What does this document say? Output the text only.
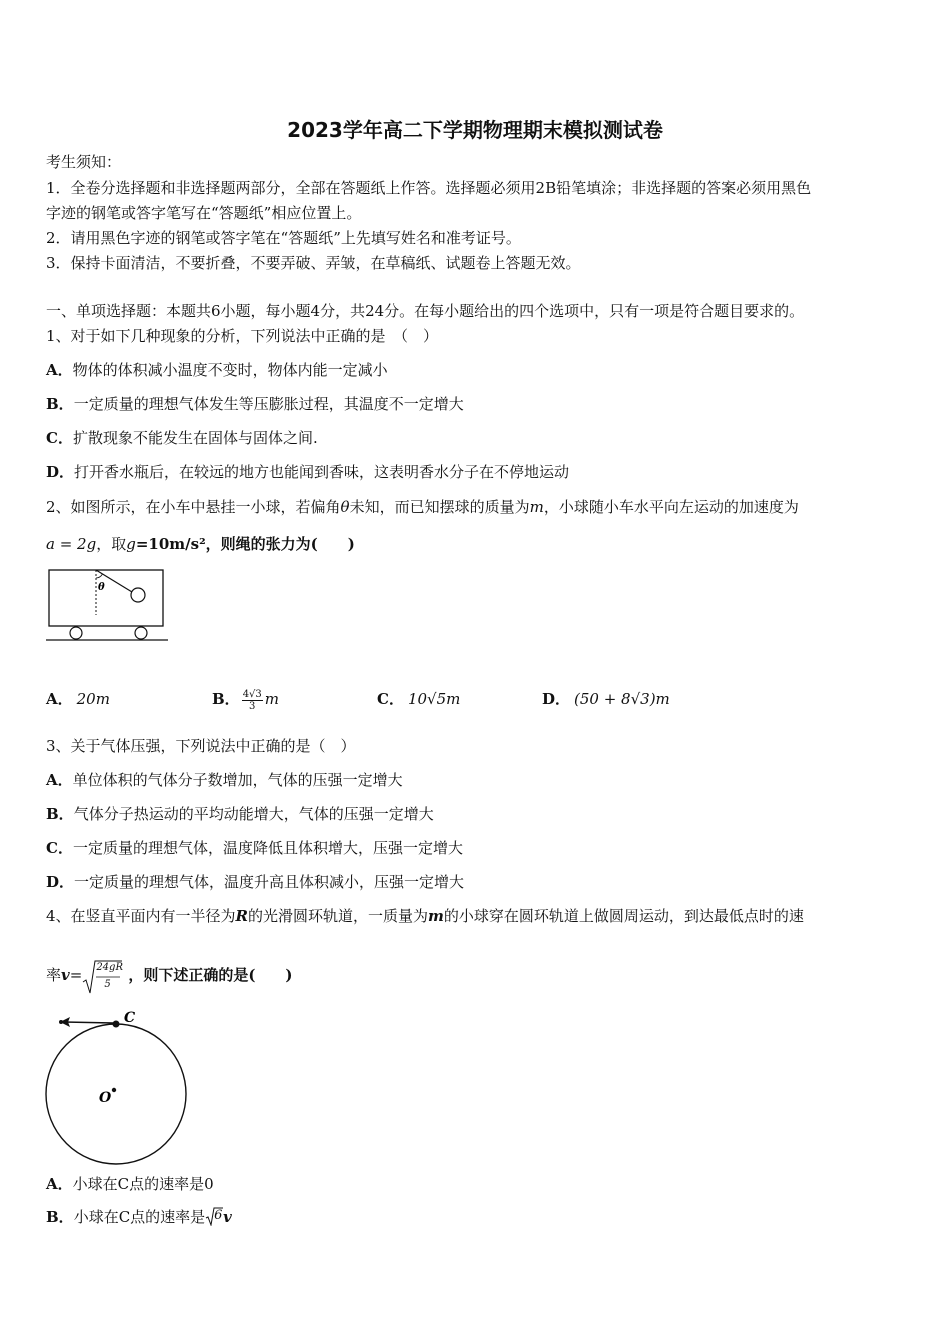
2023学年高二下学期物理期末模拟测试卷
考生须知：
1．全卷分选择题和非选择题两部分，全部在答题纸上作答。选择题必须用2B铅笔填涂；非选择题的答案必须用黑色
字迹的钢笔或答字笔写在“答题纸”相应位置上。
2．请用黑色字迹的钢笔或答字笔在“答题纸”上先填写姓名和准考证号。
3．保持卡面清洁，不要折叠，不要弄破、弄皱，在草稿纸、试题卷上答题无效。
一、单项选择题：本题共6小题，每小题4分，共24分。在每小题给出的四个选项中，只有一项是符合题目要求的。
1、对于如下几种现象的分析，下列说法中正确的是　（　）
A．物体的体积减小温度不变时，物体内能一定减小
B．一定质量的理想气体发生等压膨胀过程，其温度不一定增大
C．扩散现象不能发生在固体与固体之间.
D．打开香水瓶后，在较远的地方也能闻到香味，这表明香水分子在不停地运动
2、如图所示，在小车中悬挂一小球，若偏角θ未知，而已知摆球的质量为m，小球随小车水平向左运动的加速度为
a = 2g，取g=10m/s²，则绳的张力为(　　)
θ
A． 20m	B． $\frac{4√3}{3}$ m	C． 10√5m	D． (50 + 8√3)m
3、关于气体压强，下列说法中正确的是（　）
A．单位体积的气体分子数增加，气体的压强一定增大
B．气体分子热运动的平均动能增大，气体的压强一定增大
C．一定质量的理想气体，温度降低且体积增大，压强一定增大
D．一定质量的理想气体，温度升高且体积减小，压强一定增大
4、在竖直平面内有一半径为R的光滑圆环轨道，一质量为m的小球穿在圆环轨道上做圆周运动，到达最低点时的速
率v= 24gR
5
，则下述正确的是(　　)
C
O
A．小球在C点的速率是0
B．小球在C点的速率是 6 v
